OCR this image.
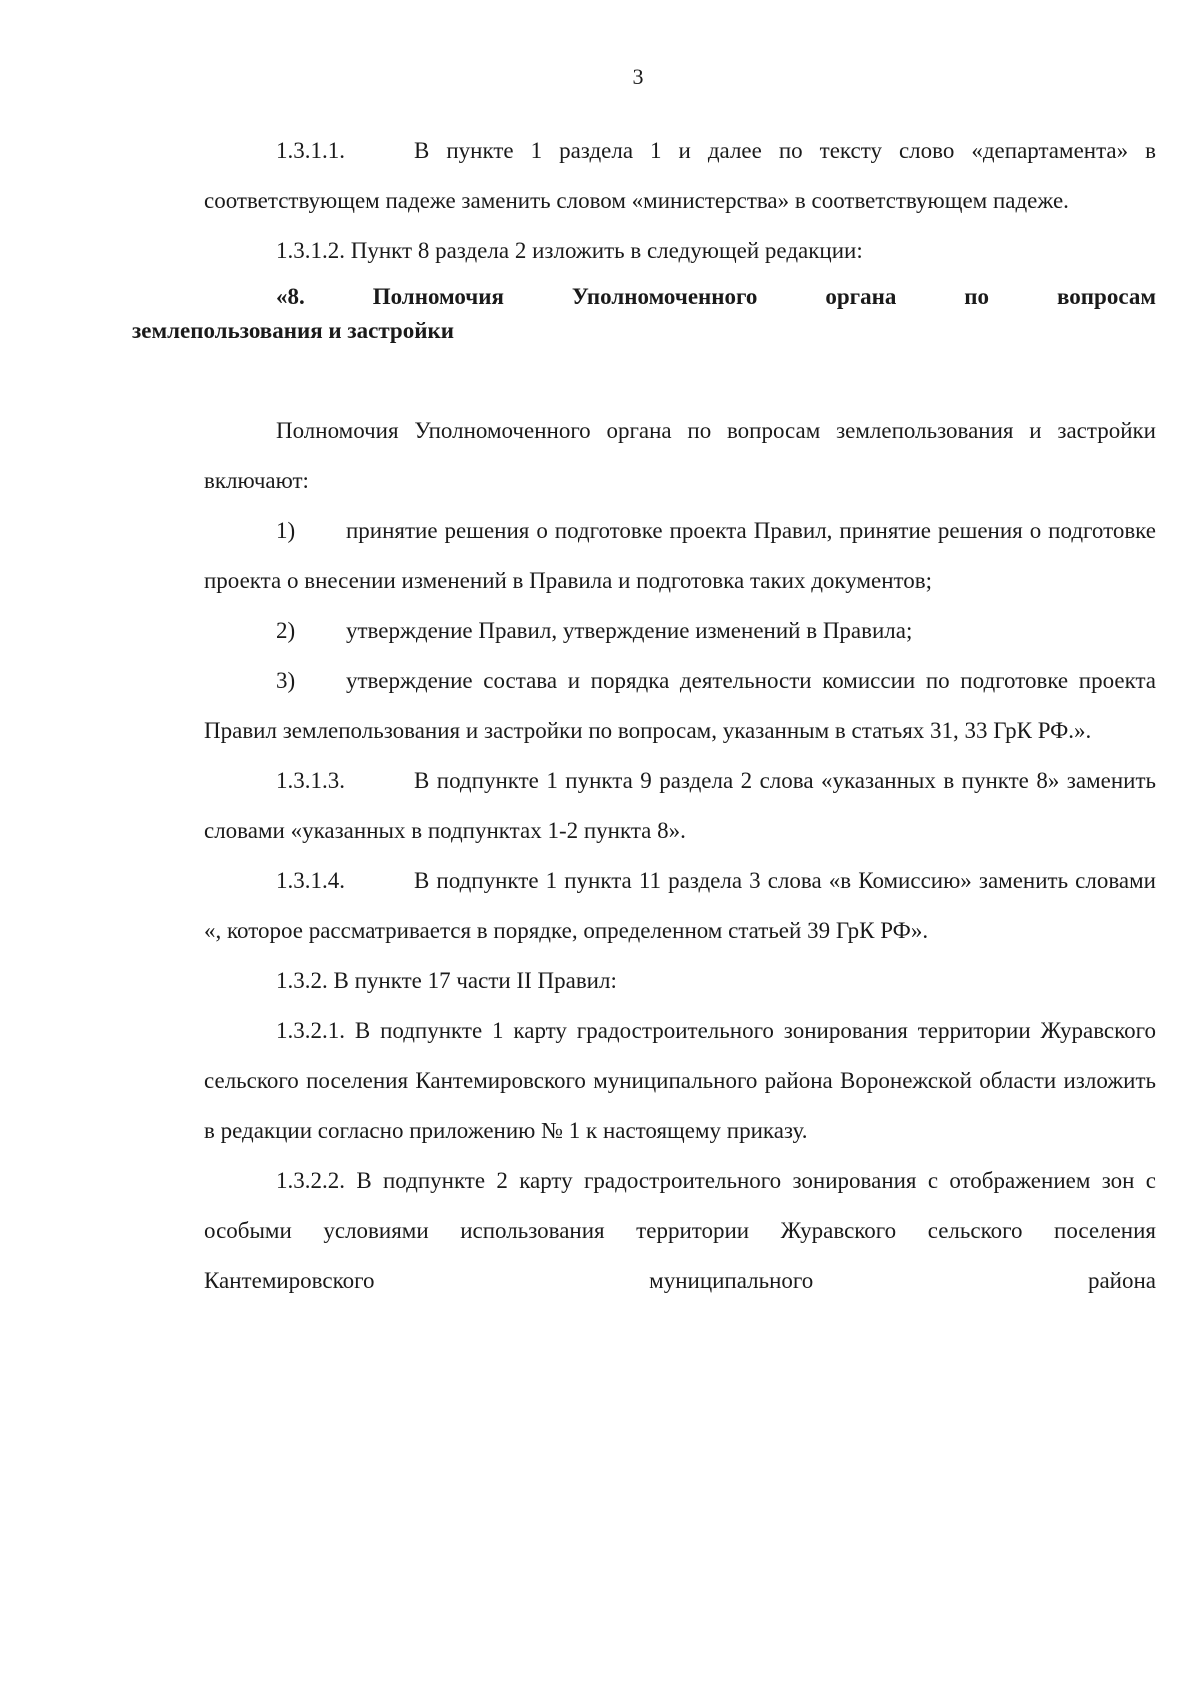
3

1.3.1.1.	В пункте 1 раздела 1 и далее по тексту слово «департамента» в соответствующем падеже заменить словом «министерства» в соответствующем падеже.

1.3.1.2. Пункт 8 раздела 2 изложить в следующей редакции:

«8. Полномочия Уполномоченного органа по вопросам
землепользования и застройки

Полномочия Уполномоченного органа по вопросам землепользования и застройки включают:

1) принятие решения о подготовке проекта Правил, принятие решения о подготовке проекта о внесении изменений в Правила и подготовка таких документов;

2) утверждение Правил, утверждение изменений в Правила;

3) утверждение состава и порядка деятельности комиссии по подготовке проекта Правил землепользования и застройки по вопросам, указанным в статьях 31, 33 ГрК РФ.».

1.3.1.3.	В подпункте 1 пункта 9 раздела 2 слова «указанных в пункте 8» заменить словами «указанных в подпунктах 1-2 пункта 8».

1.3.1.4.	В подпункте 1 пункта 11 раздела 3 слова «в Комиссию» заменить словами «, которое рассматривается в порядке, определенном статьей 39 ГрК РФ».

1.3.2. В пункте 17 части II Правил:

1.3.2.1. В подпункте 1 карту градостроительного зонирования территории Журавского сельского поселения Кантемировского муниципального района Воронежской области изложить в редакции согласно приложению № 1 к настоящему приказу.

1.3.2.2. В подпункте 2 карту градостроительного зонирования с отображением зон с особыми условиями использования территории Журавского сельского поселения Кантемировского муниципального района
